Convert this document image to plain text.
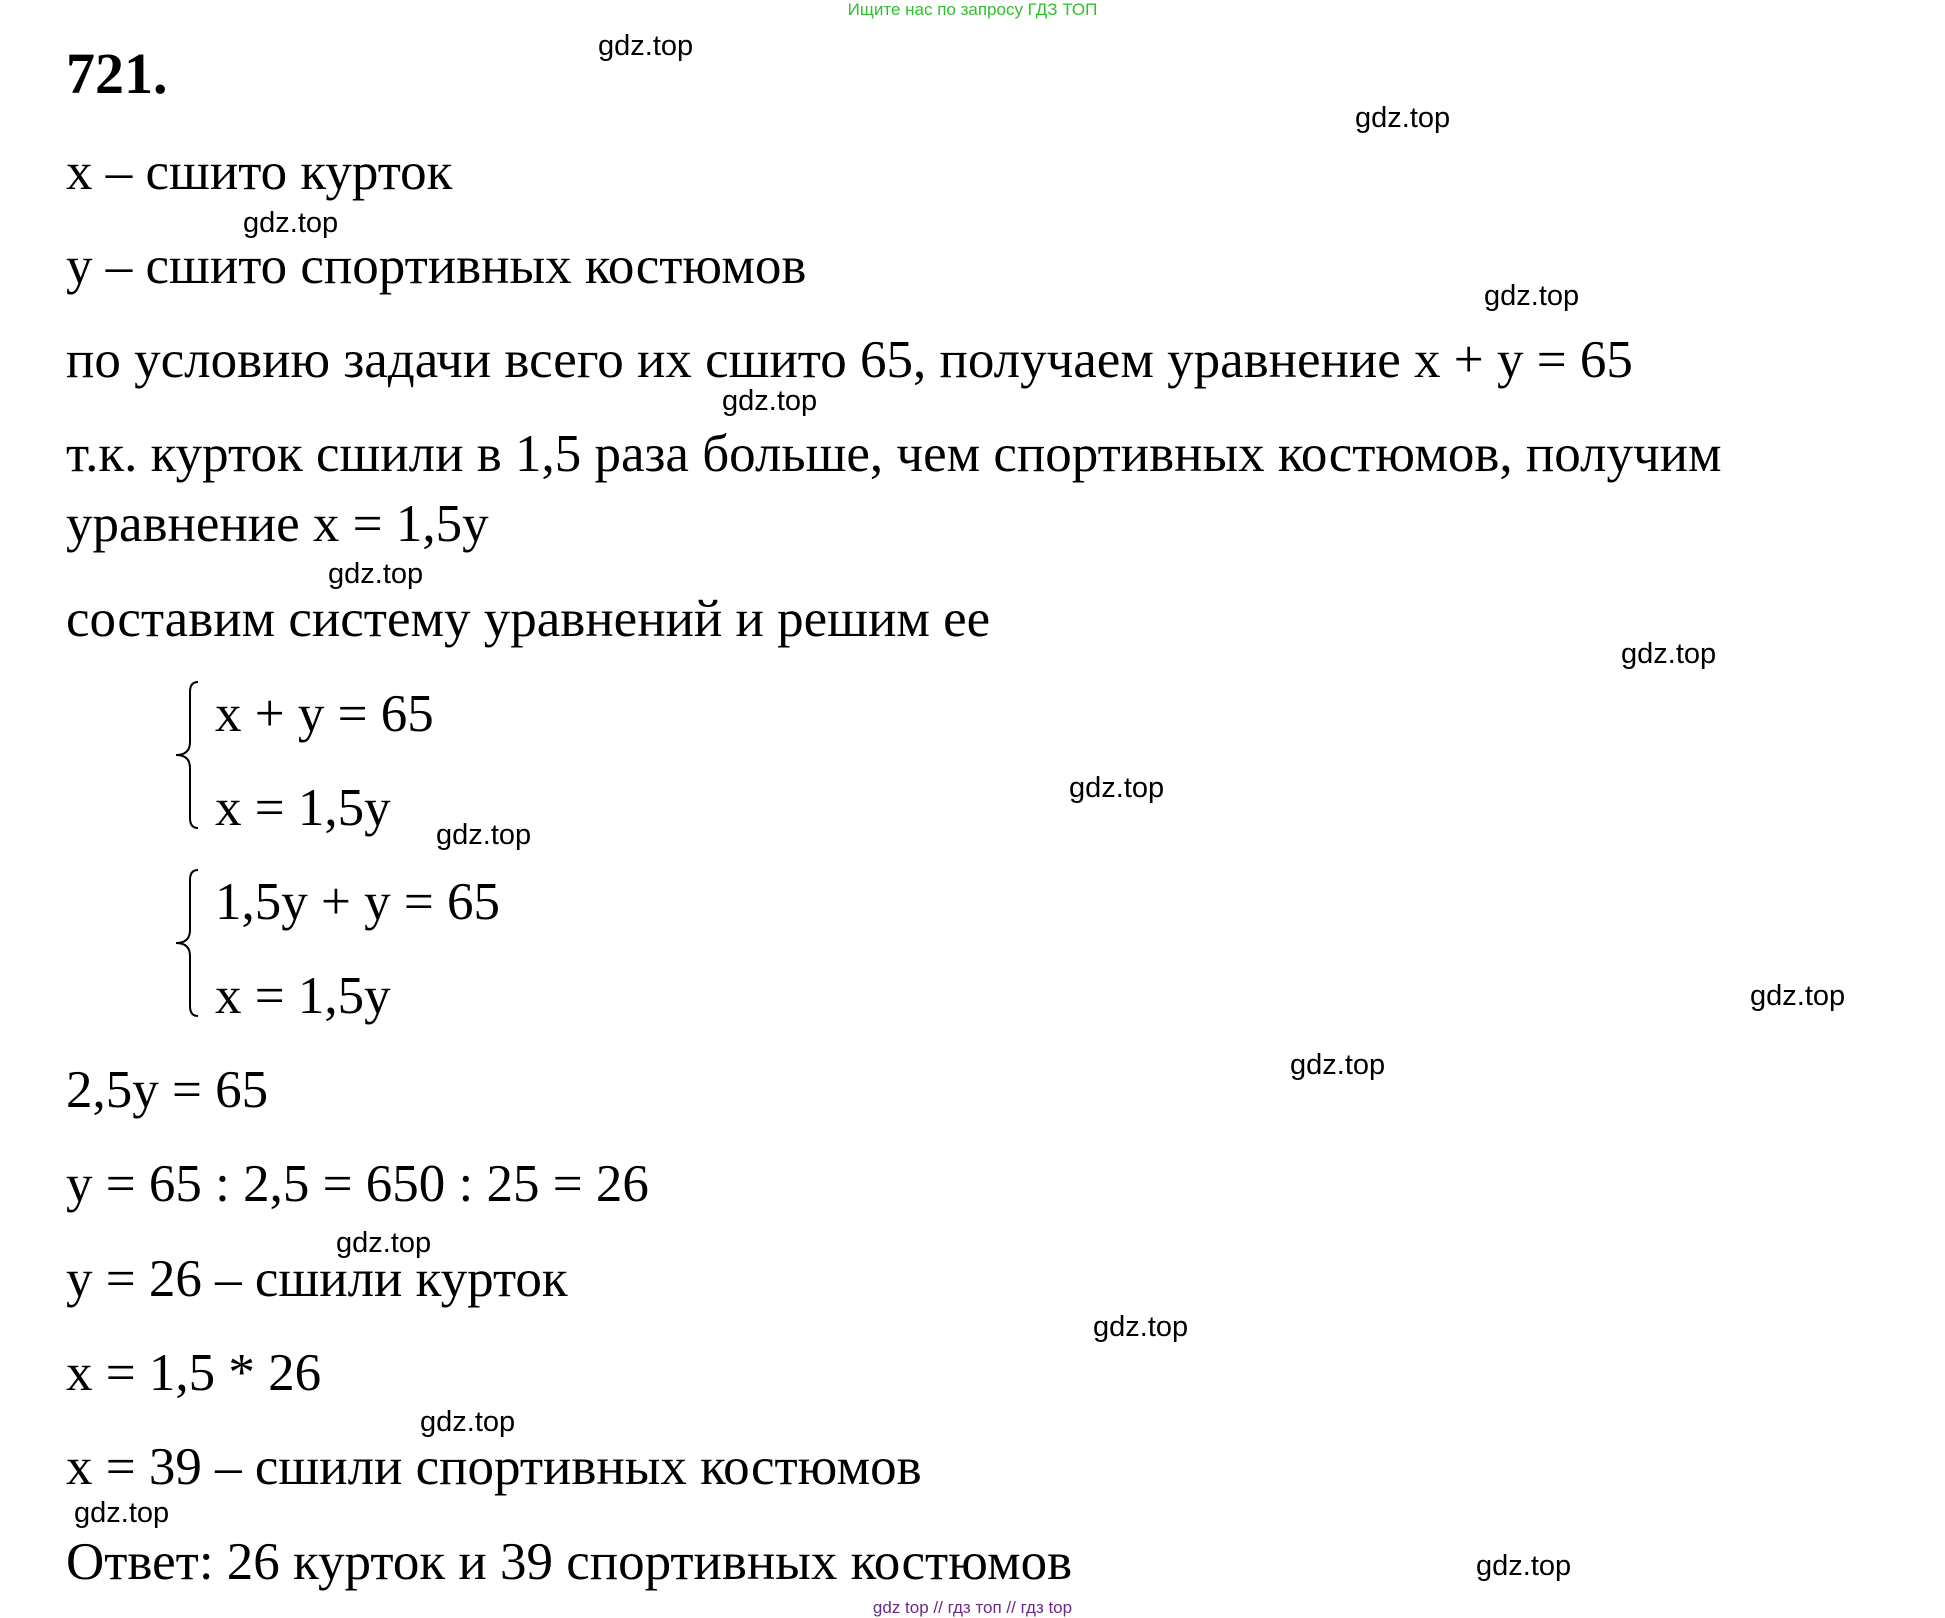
Ищите нас по запросу ГДЗ ТОП
721.
x – сшито курток
y – сшито спортивных костюмов
по условию задачи всего их сшито 65, получаем уравнение x + y = 65
т.к. курток сшили в 1,5 раза больше, чем спортивных костюмов, получим
уравнение x = 1,5y
составим систему уравнений и решим ее
x + y = 65
x = 1,5y
1,5y + y = 65
x = 1,5y
2,5y = 65
y = 65 : 2,5 = 650 : 25 = 26
y = 26 – сшили курток
x = 1,5 * 26
x = 39 – сшили спортивных костюмов
Ответ: 26 курток и 39 спортивных костюмов
gdz.top
gdz.top
gdz.top
gdz.top
gdz.top
gdz.top
gdz.top
gdz.top
gdz.top
gdz.top
gdz.top
gdz.top
gdz.top
gdz.top
gdz.top
gdz.top
gdz top // гдз топ // гдз top
